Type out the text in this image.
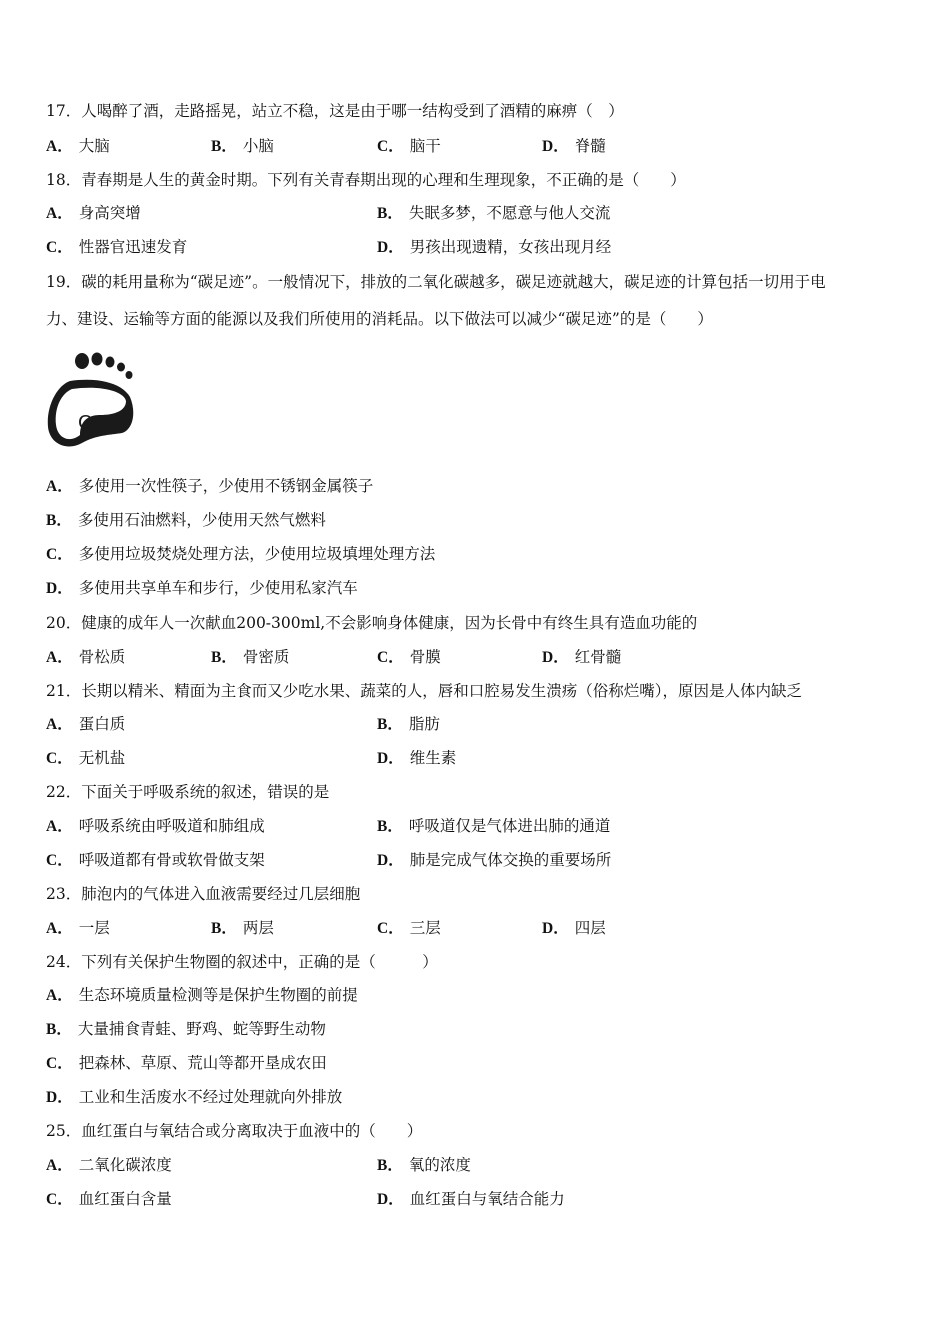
17．人喝醉了酒，走路摇晃，站立不稳，这是由于哪一结构受到了酒精的麻痹（　）
A． 大脑	B． 小脑	C． 脑干	D． 脊髓
18．青春期是人生的黄金时期。下列有关青春期出现的心理和生理现象，不正确的是（　　）
A． 身高突增	B． 失眠多梦，不愿意与他人交流
C． 性器官迅速发育	D． 男孩出现遗精，女孩出现月经
19．碳的耗用量称为“碳足迹”。一般情况下，排放的二氧化碳越多，碳足迹就越大，碳足迹的计算包括一切用于电
力、建设、运输等方面的能源以及我们所使用的消耗品。以下做法可以减少“碳足迹”的是（　　）
CO2
A． 多使用一次性筷子，少使用不锈钢金属筷子
B． 多使用石油燃料，少使用天然气燃料
C． 多使用垃圾焚烧处理方法，少使用垃圾填埋处理方法
D． 多使用共享单车和步行，少使用私家汽车
20．健康的成年人一次献血200-300ml,不会影响身体健康，因为长骨中有终生具有造血功能的
A． 骨松质	B． 骨密质	C． 骨膜	D． 红骨髓
21．长期以精米、精面为主食而又少吃水果、蔬菜的人，唇和口腔易发生溃疡（俗称烂嘴），原因是人体内缺乏
A． 蛋白质	B． 脂肪
C． 无机盐	D． 维生素
22．下面关于呼吸系统的叙述，错误的是
A． 呼吸系统由呼吸道和肺组成	B． 呼吸道仅是气体进出肺的通道
C． 呼吸道都有骨或软骨做支架	D． 肺是完成气体交换的重要场所
23．肺泡内的气体进入血液需要经过几层细胞
A． 一层	B． 两层	C． 三层	D． 四层
24．下列有关保护生物圈的叙述中，正确的是（　　　）
A． 生态环境质量检测等是保护生物圈的前提
B． 大量捕食青蛙、野鸡、蛇等野生动物
C． 把森林、草原、荒山等都开垦成农田
D． 工业和生活废水不经过处理就向外排放
25．血红蛋白与氧结合或分离取决于血液中的（　　）
A． 二氧化碳浓度	B． 氧的浓度
C． 血红蛋白含量	D． 血红蛋白与氧结合能力
